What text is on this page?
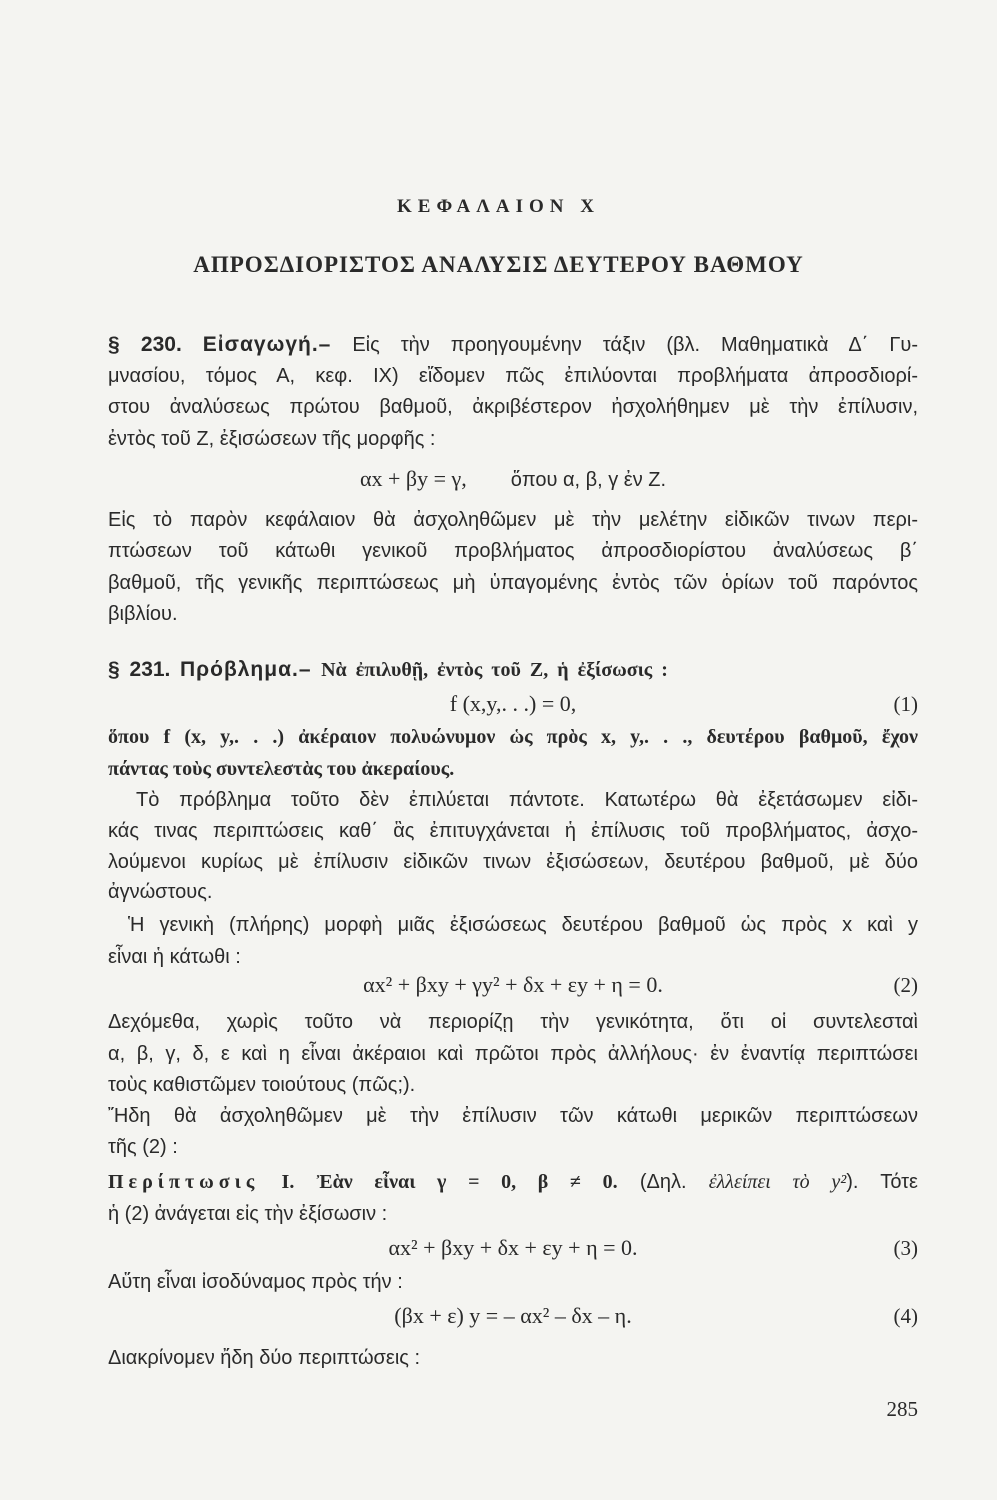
ΚΕΦΑΛΑΙΟΝ Χ
ΑΠΡΟΣΔΙΟΡΙΣΤΟΣ ΑΝΑΛΥΣΙΣ ΔΕΥΤΕΡΟΥ ΒΑΘΜΟΥ
§ 230. Εἰσαγωγή.– Εἰς τὴν προηγουμένην τάξιν (βλ. Μαθηματικὰ Δ΄ Γυ-
μνασίου, τόμος Α, κεφ. ΙΧ) εἴδομεν πῶς ἐπιλύονται προβλήματα ἀπροσδιορί-
στου ἀναλύσεως πρώτου βαθμοῦ, ἀκριβέστερον ἠσχολήθημεν μὲ τὴν ἐπίλυσιν,
ἐντὸς τοῦ Z, ἐξισώσεων τῆς μορφῆς :
αx + βy = γ, ὅπου α, β, γ ἐν Z.
Εἰς τὸ παρὸν κεφάλαιον θὰ ἀσχοληθῶμεν μὲ τὴν μελέτην εἰδικῶν τινων περι-
πτώσεων τοῦ κάτωθι γενικοῦ προβλήματος ἀπροσδιορίστου ἀναλύσεως β΄
βαθμοῦ, τῆς γενικῆς περιπτώσεως μὴ ὑπαγομένης ἐντὸς τῶν ὁρίων τοῦ παρόντος
βιβλίου.
§ 231. Πρόβλημα.– Νὰ ἐπιλυθῇ, ἐντὸς τοῦ Z, ἡ ἐξίσωσις :
f (x,y,. . .) = 0,	(1)
ὅπου f (x, y,. . .) ἀκέραιον πολυώνυμον ὡς πρὸς x, y,. . ., δευτέρου βαθμοῦ, ἔχον
πάντας τοὺς συντελεστὰς του ἀκεραίους.
Τὸ πρόβλημα τοῦτο δὲν ἐπιλύεται πάντοτε. Κατωτέρω θὰ ἐξετάσωμεν εἰδι-
κάς τινας περιπτώσεις καθ΄ ἃς ἐπιτυγχάνεται ἡ ἐπίλυσις τοῦ προβλήματος, ἀσχο-
λούμενοι κυρίως μὲ ἐπίλυσιν εἰδικῶν τινων ἐξισώσεων, δευτέρου βαθμοῦ, μὲ δύο
ἀγνώστους.
Ἡ γενικὴ (πλήρης) μορφὴ μιᾶς ἐξισώσεως δευτέρου βαθμοῦ ὡς πρὸς x καὶ y
εἶναι ἡ κάτωθι :
αx² + βxy + γy² + δx + εy + η = 0.	(2)
Δεχόμεθα, χωρὶς τοῦτο νὰ περιορίζῃ τὴν γενικότητα, ὅτι οἱ συντελεσταὶ
α, β, γ, δ, ε καὶ η εἶναι ἀκέραιοι καὶ πρῶτοι πρὸς ἀλλήλους· ἐν ἐναντίᾳ περιπτώσει
τοὺς καθιστῶμεν τοιούτους (πῶς;).
Ἤδη θὰ ἀσχοληθῶμεν μὲ τὴν ἐπίλυσιν τῶν κάτωθι μερικῶν περιπτώσεων
τῆς (2) :
Περίπτωσις I. Ἐὰν εἶναι γ = 0, β ≠ 0. (Δηλ. ἐλλείπει τὸ y²). Τότε
ἡ (2) ἀνάγεται εἰς τὴν ἐξίσωσιν :
αx² + βxy + δx + εy + η = 0.	(3)
Αὕτη εἶναι ἰσοδύναμος πρὸς τήν :
(βx + ε) y = – αx² – δx – η.	(4)
Διακρίνομεν ἤδη δύο περιπτώσεις :
285
